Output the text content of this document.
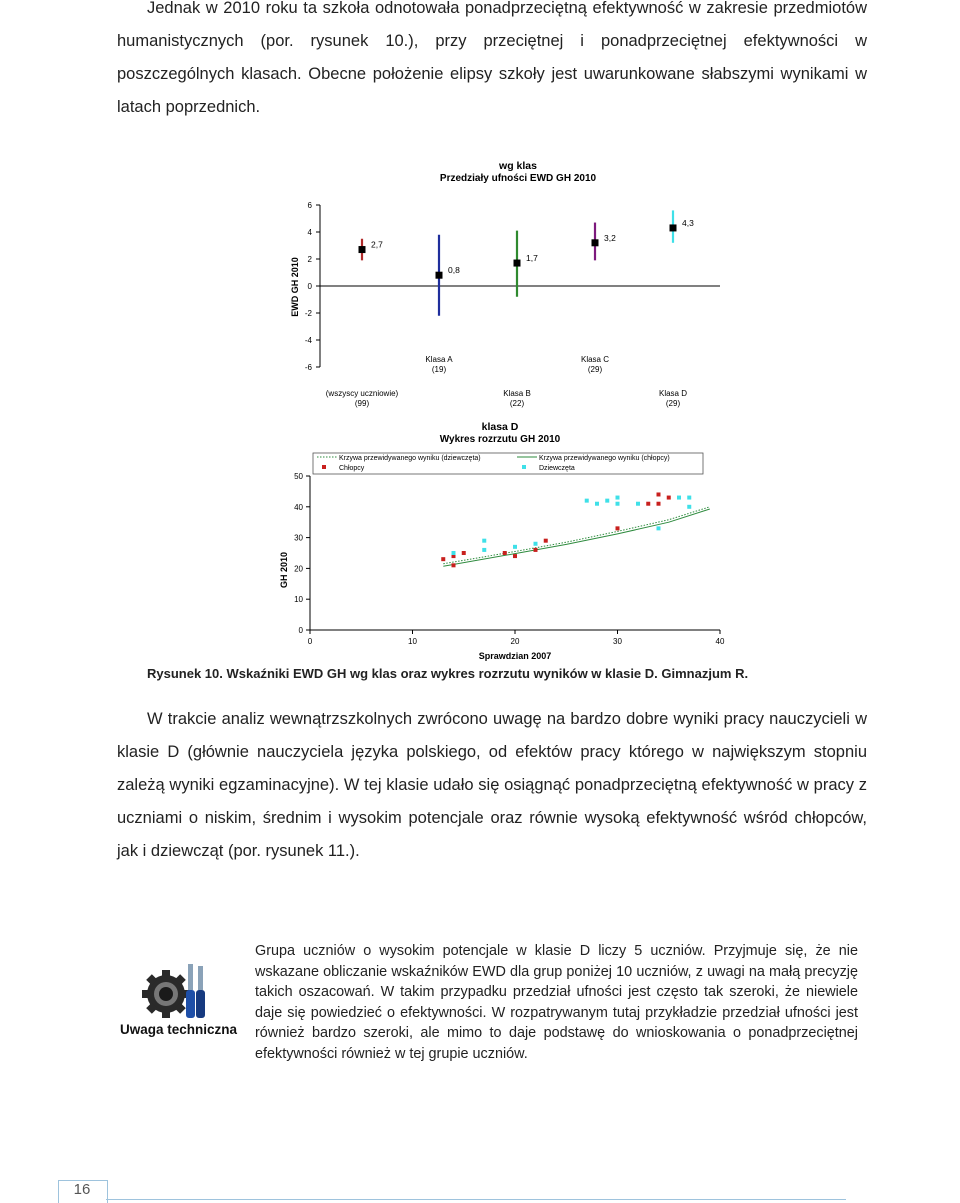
Jednak w 2010 roku ta szkoła odnotowała ponadprzeciętną efektywność w zakresie przedmiotów humanistycznych (por. rysunek 10.), przy przeciętnej i ponadprzeciętnej efektywności w poszczególnych klasach. Obecne położenie elipsy szkoły jest uwarunkowane słabszymi wynikami w latach poprzednich.

wg klas
Przedziały ufności EWD GH 2010
EWD GH 2010
6
4
2
0
-2
-4
-6
2,7
0,8
1,7
3,2
4,3
Klasa A
(19)
Klasa C
(29)
(wszyscy uczniowie)
(99)
Klasa B
(22)
Klasa D
(29)
klasa D
Wykres rozrzutu GH 2010
Krzywa przewidywanego wyniku (dziewczęta)	Krzywa przewidywanego wyniku (chłopcy)
Chłopcy	Dziewczęta
GH 2010
Sprawdzian 2007
0
10
20
30
40
50
0	10	20	30	40
Rysunek 10. Wskaźniki EWD GH wg klas oraz wykres rozrzutu wyników w klasie D. Gimnazjum R.

W trakcie analiz wewnątrzszkolnych zwrócono uwagę na bardzo dobre wyniki pracy nauczycieli w klasie D (głównie nauczyciela języka polskiego, od efektów pracy którego w największym stopniu zależą wyniki egzaminacyjne). W tej klasie udało się osiągnąć ponadprzeciętną efektywność w pracy z uczniami o niskim, średnim i wysokim potencjale oraz równie wysoką efektywność wśród chłopców, jak i dziewcząt (por. rysunek 11.).

Uwaga techniczna

Grupa uczniów o wysokim potencjale w klasie D liczy 5 uczniów. Przyjmuje się, że nie wskazane obliczanie wskaźników EWD dla grup poniżej 10 uczniów, z uwagi na małą precyzję takich oszacowań. W takim przypadku przedział ufności jest często tak szeroki, że niewiele daje się powiedzieć o efektywności. W rozpatrywanym tutaj przykładzie przedział ufności jest również bardzo szeroki, ale mimo to daje podstawę do wnioskowania o ponadprzeciętnej efektywności również w tej grupie uczniów.

16
